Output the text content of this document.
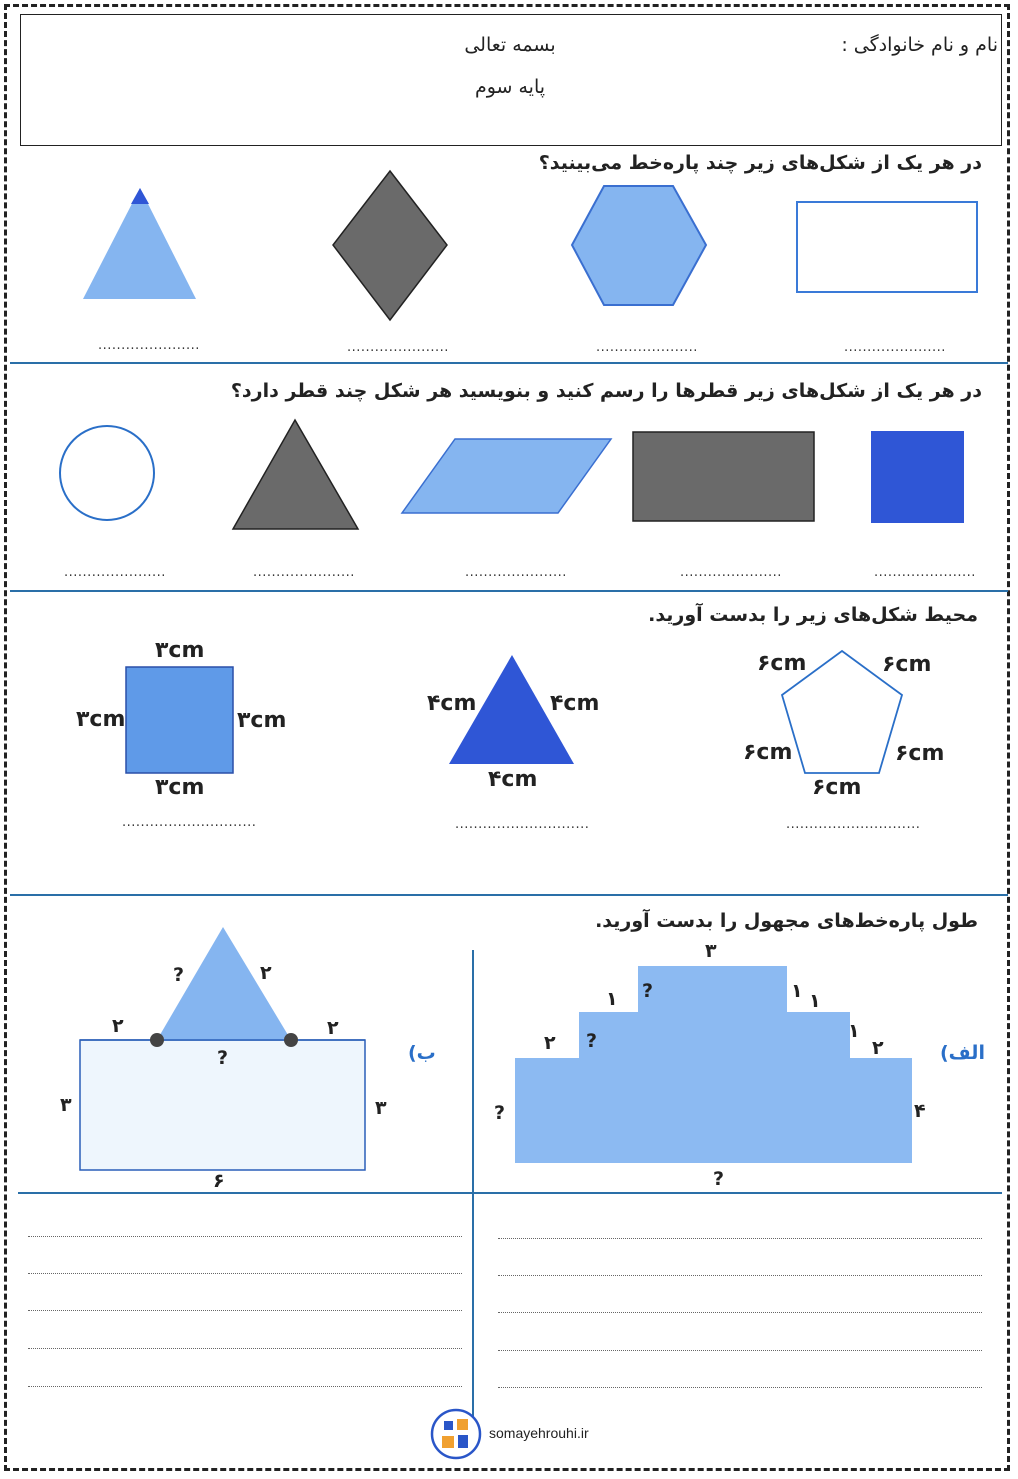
نام و نام خانوادگی :
بسمه تعالی
پایه سوم
در هر یک از شکل‌های زیر چند پاره‌خط می‌بینید؟
......................
......................
......................
......................
در هر یک از شکل‌های زیر قطرها را رسم کنید و بنویسید هر شکل چند قطر دارد؟
......................
......................
......................
......................
......................
محیط شکل‌های زیر را بدست آورید.
۶cm	۶cm
۶cm	۶cm
۶cm
۴cm	۴cm
۴cm
۳cm
۳cm	۳cm
۳cm
.............................
.............................
.............................
طول پاره‌خط‌های مجهول را بدست آورید.
الف)
۳
۱ ?	۱ ۱
۱
۲ ?	۲
۴
?
?
ب)
?	۲
۲	۲
?
۳	۳
۶
somayehrouhi.ir
